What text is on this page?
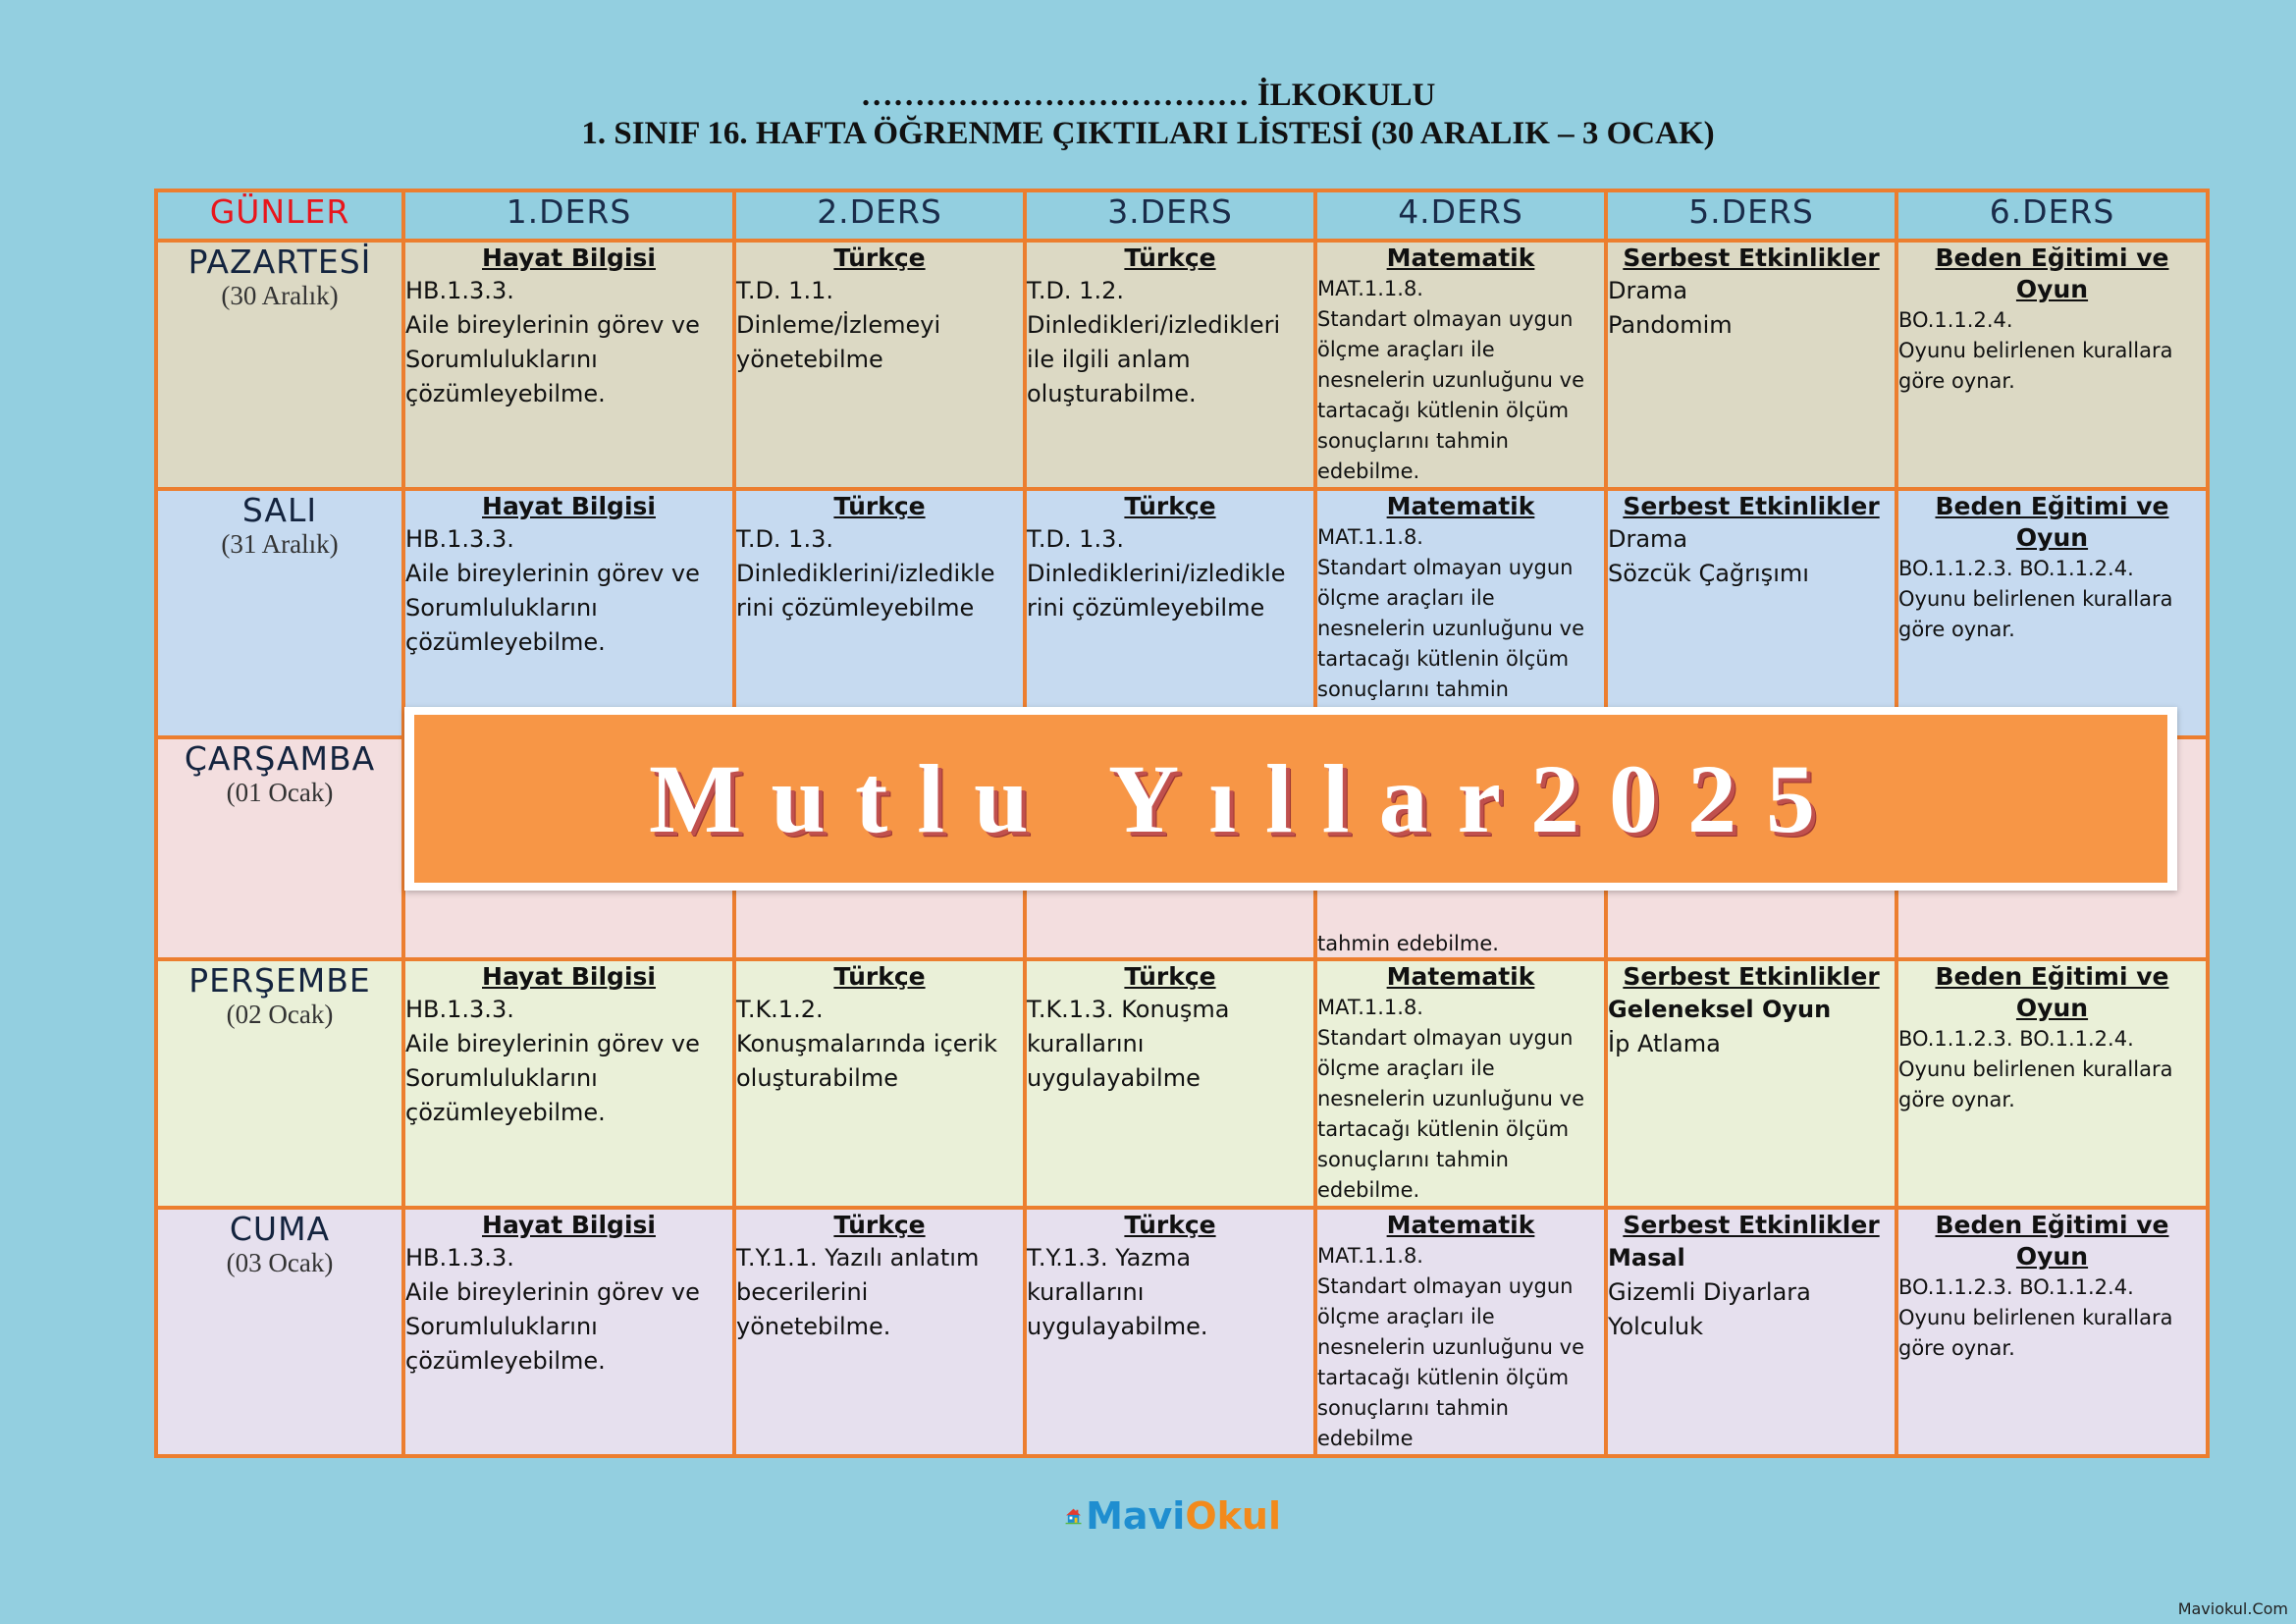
……………………………… İLKOKULU
1. SINIF 16. HAFTA ÖĞRENME ÇIKTILARI LİSTESİ (30 ARALIK – 3 OCAK)
GÜNLER	1.DERS	2.DERS	3.DERS	4.DERS	5.DERS	6.DERS

PAZARTESİ
(30 Aralık)	Hayat Bilgisi
HB.1.3.3.
Aile bireylerinin görev ve Sorumluluklarını çözümleyebilme.	Türkçe
T.D. 1.1.
Dinleme/İzlemeyi yönetebilme	Türkçe
T.D. 1.2.
Dinledikleri/izledikleri ile ilgili anlam oluşturabilme.	Matematik
MAT.1.1.8.
Standart olmayan uygun ölçme araçları ile nesnelerin uzunluğunu ve tartacağı kütlenin ölçüm sonuçlarını tahmin edebilme.	Serbest Etkinlikler
Drama
Pandomim	Beden Eğitimi ve Oyun
BO.1.1.2.4.
Oyunu belirlenen kurallara göre oynar.

SALI
(31 Aralık)	Hayat Bilgisi
HB.1.3.3.
Aile bireylerinin görev ve Sorumluluklarını çözümleyebilme.	Türkçe
T.D. 1.3.
Dinlediklerini/izledikle rini çözümleyebilme	Türkçe
T.D. 1.3.
Dinlediklerini/izledikle rini çözümleyebilme	Matematik
MAT.1.1.8.
Standart olmayan uygun ölçme araçları ile nesnelerin uzunluğunu ve tartacağı kütlenin ölçüm sonuçlarını tahmin	Serbest Etkinlikler
Drama
Sözcük Çağrışımı	Beden Eğitimi ve Oyun
BO.1.1.2.3. BO.1.1.2.4.
Oyunu belirlenen kurallara göre oynar.

ÇARŞAMBA
(01 Ocak)				tahmin edebilme.		

PERŞEMBE
(02 Ocak)	Hayat Bilgisi
HB.1.3.3.
Aile bireylerinin görev ve Sorumluluklarını çözümleyebilme.	Türkçe
T.K.1.2.
Konuşmalarında içerik oluşturabilme	Türkçe
T.K.1.3. Konuşma
kurallarını uygulayabilme	Matematik
MAT.1.1.8.
Standart olmayan uygun ölçme araçları ile nesnelerin uzunluğunu ve tartacağı kütlenin ölçüm sonuçlarını tahmin edebilme.	Serbest Etkinlikler
Geleneksel Oyun
İp Atlama	Beden Eğitimi ve Oyun
BO.1.1.2.3. BO.1.1.2.4.
Oyunu belirlenen kurallara göre oynar.

CUMA
(03 Ocak)	Hayat Bilgisi
HB.1.3.3.
Aile bireylerinin görev ve Sorumluluklarını çözümleyebilme.	Türkçe
T.Y.1.1. Yazılı anlatım
becerilerini yönetebilme.	Türkçe
T.Y.1.3. Yazma
kurallarını uygulayabilme.	Matematik
MAT.1.1.8.
Standart olmayan uygun ölçme araçları ile nesnelerin uzunluğunu ve tartacağı kütlenin ölçüm sonuçlarını tahmin edebilme	Serbest Etkinlikler
Masal
Gizemli Diyarlara Yolculuk	Beden Eğitimi ve Oyun
BO.1.1.2.3. BO.1.1.2.4.
Oyunu belirlenen kurallara göre oynar.
Mutlu Yıllar2025
Mavi Okul
Maviokul.Com
